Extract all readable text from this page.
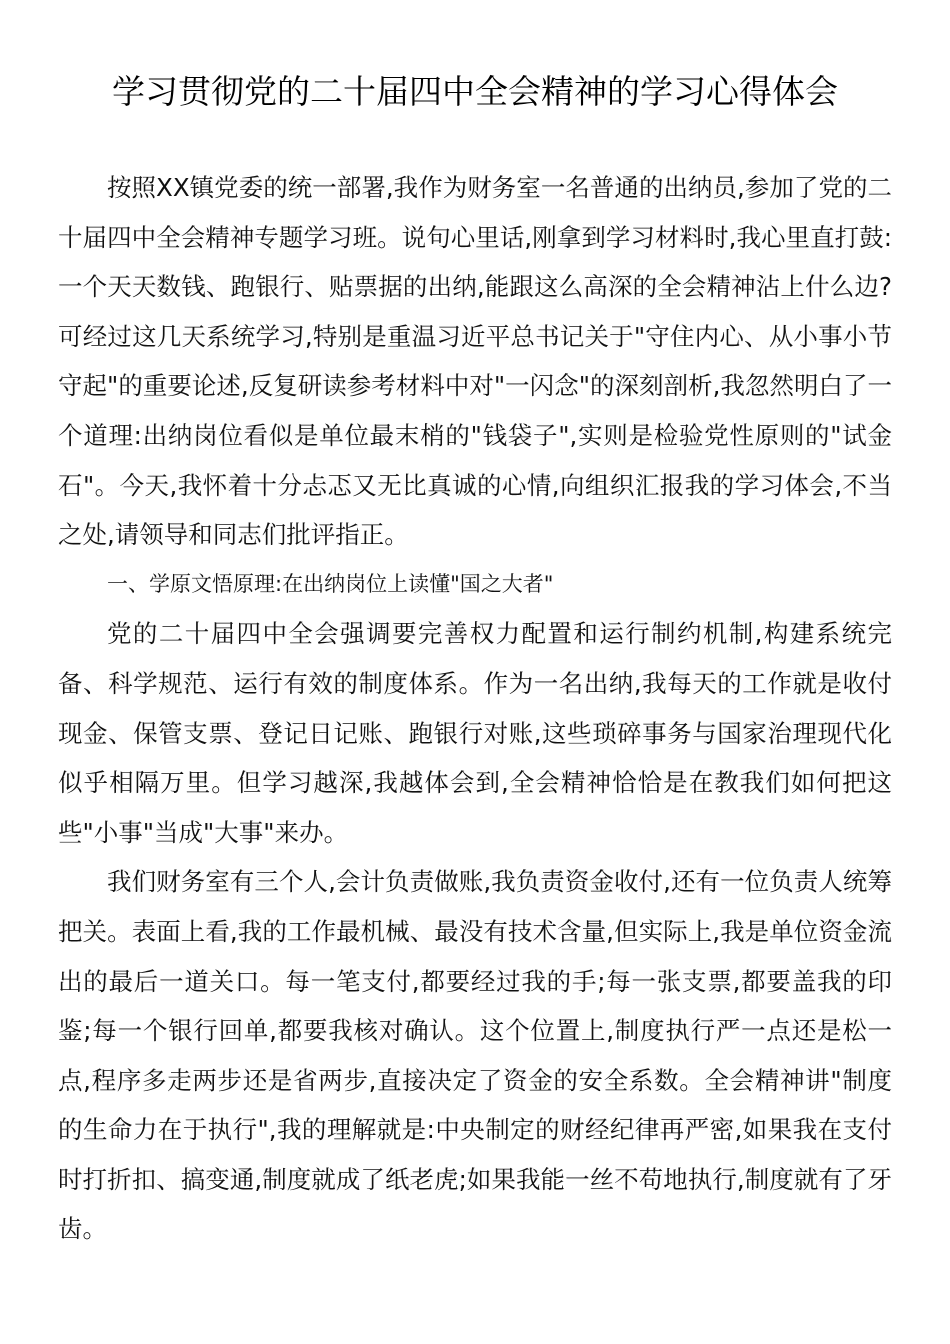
学习贯彻党的二十届四中全会精神的学习心得体会

按照XX镇党委的统一部署,我作为财务室一名普通的出纳员,参加了党的二十届四中全会精神专题学习班。说句心里话,刚拿到学习材料时,我心里直打鼓:一个天天数钱、跑银行、贴票据的出纳,能跟这么高深的全会精神沾上什么边?可经过这几天系统学习,特别是重温习近平总书记关于"守住内心、从小事小节守起"的重要论述,反复研读参考材料中对"一闪念"的深刻剖析,我忽然明白了一个道理:出纳岗位看似是单位最末梢的"钱袋子",实则是检验党性原则的"试金石"。今天,我怀着十分忐忑又无比真诚的心情,向组织汇报我的学习体会,不当之处,请领导和同志们批评指正。

一、学原文悟原理:在出纳岗位上读懂"国之大者"

党的二十届四中全会强调要完善权力配置和运行制约机制,构建系统完备、科学规范、运行有效的制度体系。作为一名出纳,我每天的工作就是收付现金、保管支票、登记日记账、跑银行对账,这些琐碎事务与国家治理现代化似乎相隔万里。但学习越深,我越体会到,全会精神恰恰是在教我们如何把这些"小事"当成"大事"来办。

我们财务室有三个人,会计负责做账,我负责资金收付,还有一位负责人统筹把关。表面上看,我的工作最机械、最没有技术含量,但实际上,我是单位资金流出的最后一道关口。每一笔支付,都要经过我的手;每一张支票,都要盖我的印鉴;每一个银行回单,都要我核对确认。这个位置上,制度执行严一点还是松一点,程序多走两步还是省两步,直接决定了资金的安全系数。全会精神讲"制度的生命力在于执行",我的理解就是:中央制定的财经纪律再严密,如果我在支付时打折扣、搞变通,制度就成了纸老虎;如果我能一丝不苟地执行,制度就有了牙齿。
